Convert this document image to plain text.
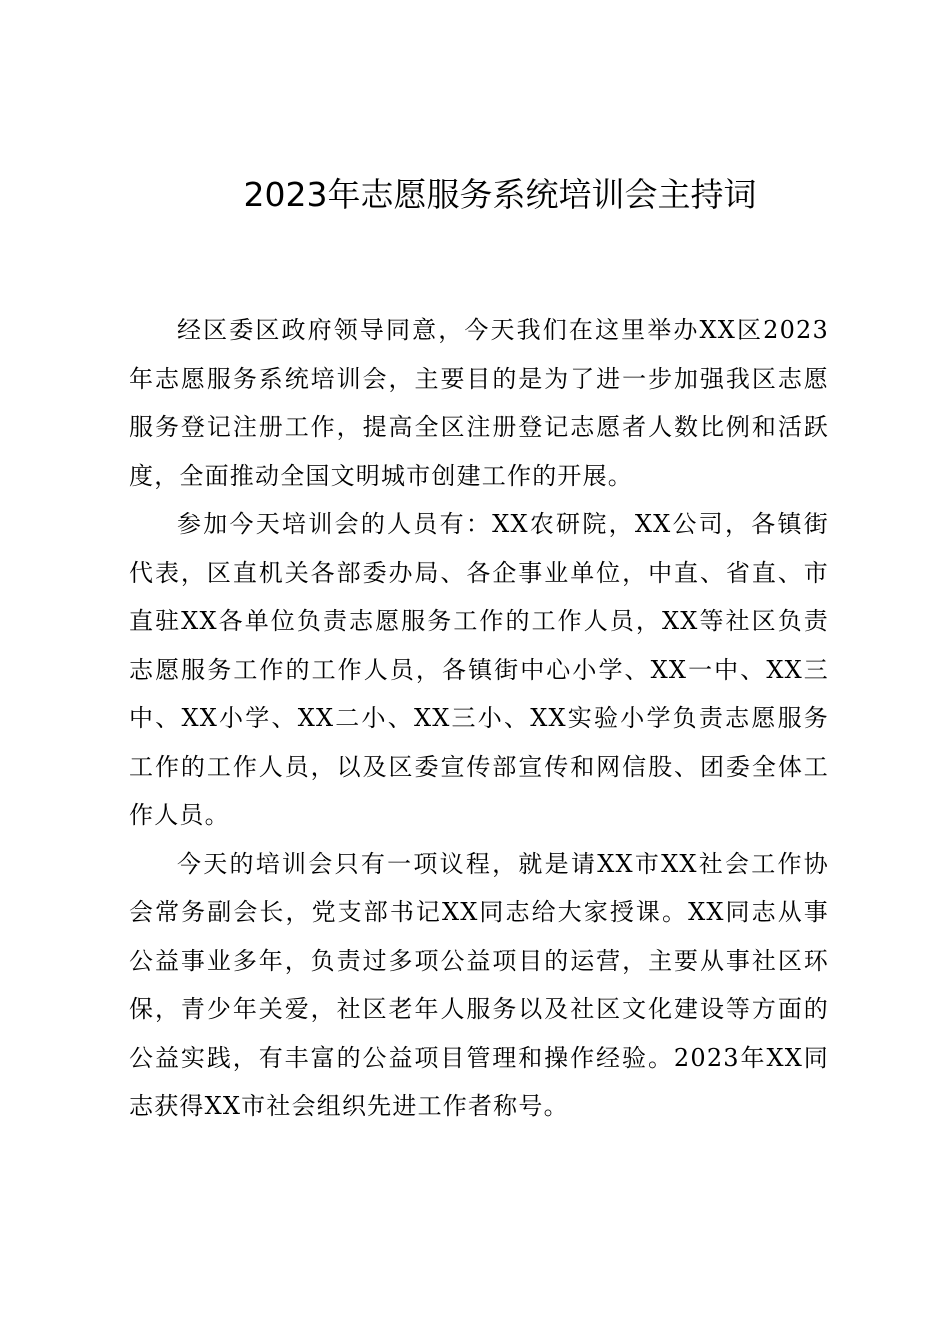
2023年志愿服务系统培训会主持词

经区委区政府领导同意，今天我们在这里举办XX区2023年志愿服务系统培训会，主要目的是为了进一步加强我区志愿服务登记注册工作，提高全区注册登记志愿者人数比例和活跃度，全面推动全国文明城市创建工作的开展。

参加今天培训会的人员有：XX农研院，XX公司，各镇街代表，区直机关各部委办局、各企事业单位，中直、省直、市直驻XX各单位负责志愿服务工作的工作人员，XX等社区负责志愿服务工作的工作人员，各镇街中心小学、XX一中、XX三中、XX小学、XX二小、XX三小、XX实验小学负责志愿服务工作的工作人员，以及区委宣传部宣传和网信股、团委全体工作人员。

今天的培训会只有一项议程，就是请XX市XX社会工作协会常务副会长，党支部书记XX同志给大家授课。XX同志从事公益事业多年，负责过多项公益项目的运营，主要从事社区环保，青少年关爱，社区老年人服务以及社区文化建设等方面的公益实践，有丰富的公益项目管理和操作经验。2023年XX同志获得XX市社会组织先进工作者称号。
